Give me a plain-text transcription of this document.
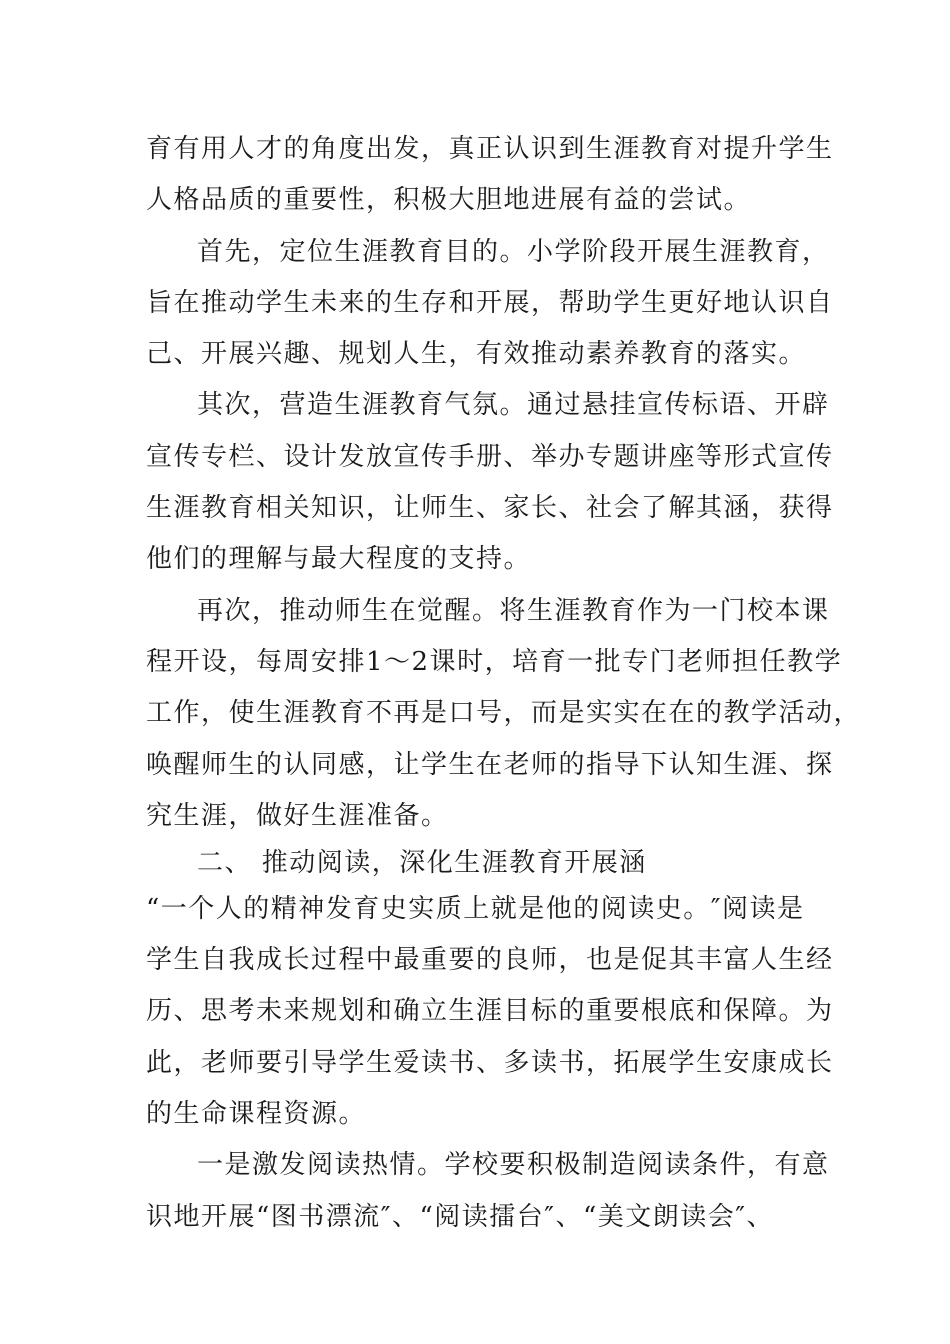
育有用人才的角度出发，真正认识到生涯教育对提升学生
人格品质的重要性，积极大胆地进展有益的尝试。
首先，定位生涯教育目的。小学阶段开展生涯教育，
旨在推动学生未来的生存和开展，帮助学生更好地认识自
己、开展兴趣、规划人生，有效推动素养教育的落实。
其次，营造生涯教育气氛。通过悬挂宣传标语、开辟
宣传专栏、设计发放宣传手册、举办专题讲座等形式宣传
生涯教育相关知识，让师生、家长、社会了解其涵，获得
他们的理解与最大程度的支持。
再次，推动师生在觉醒。将生涯教育作为一门校本课
程开设，每周安排1～2课时，培育一批专门老师担任教学
工作，使生涯教育不再是口号，而是实实在在的教学活动，
唤醒师生的认同感，让学生在老师的指导下认知生涯、探
究生涯，做好生涯准备。
二、 推动阅读，深化生涯教育开展涵
“一个人的精神发育史实质上就是他的阅读史。″阅读是
学生自我成长过程中最重要的良师，也是促其丰富人生经
历、思考未来规划和确立生涯目标的重要根底和保障。为
此，老师要引导学生爱读书、多读书，拓展学生安康成长
的生命课程资源。
一是激发阅读热情。学校要积极制造阅读条件，有意
识地开展“图书漂流″、“阅读擂台″、“美文朗读会″、
